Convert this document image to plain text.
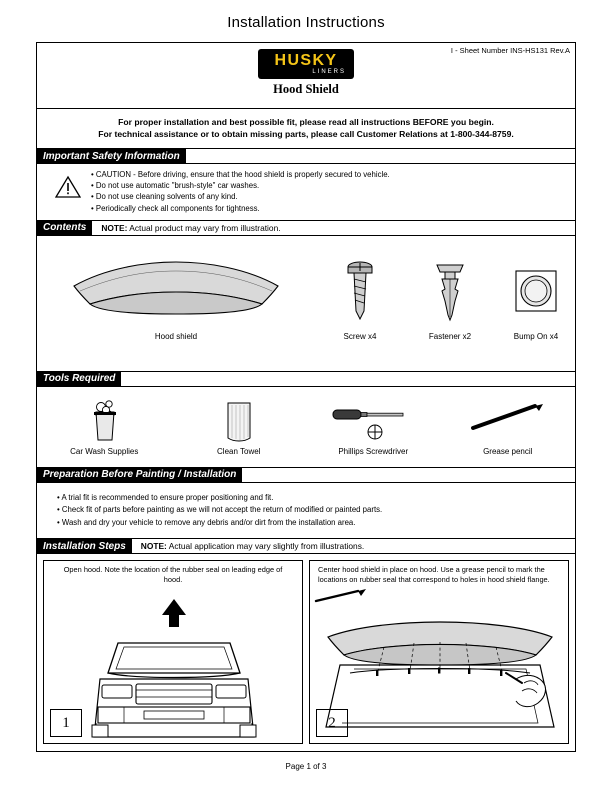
Installation Instructions
I - Sheet Number INS-HS131 Rev.A
HUSKY
LINERS
Hood Shield
For proper installation and best possible fit, please read all instructions BEFORE you begin.
For technical assistance or to obtain missing parts, please call Customer Relations at 1-800-344-8759.
Important Safety Information
• CAUTION - Before driving, ensure that the hood shield is properly secured to vehicle.
• Do not use automatic "brush-style" car washes.
• Do not use cleaning solvents of any kind.
• Periodically check all components for tightness.
Contents	NOTE: Actual product may vary from illustration.
Hood shield	Screw x4	Fastener x2	Bump On x4
Tools Required
Car Wash Supplies	Clean Towel	Phillips Screwdriver	Grease pencil
Preparation Before Painting / Installation
• A trial fit is recommended to ensure proper positioning and fit.
• Check fit of parts before painting as we will not accept the return of modified or painted parts.
• Wash and dry your vehicle to remove any debris and/or dirt from the installation area.
Installation Steps	NOTE: Actual application may vary slightly from illustrations.
Open hood. Note the location of the rubber seal on leading edge of hood.
1
Center hood shield in place on hood. Use a grease pencil to mark the locations on rubber seal that correspond to holes in hood shield flange.
2
Page 1 of 3
